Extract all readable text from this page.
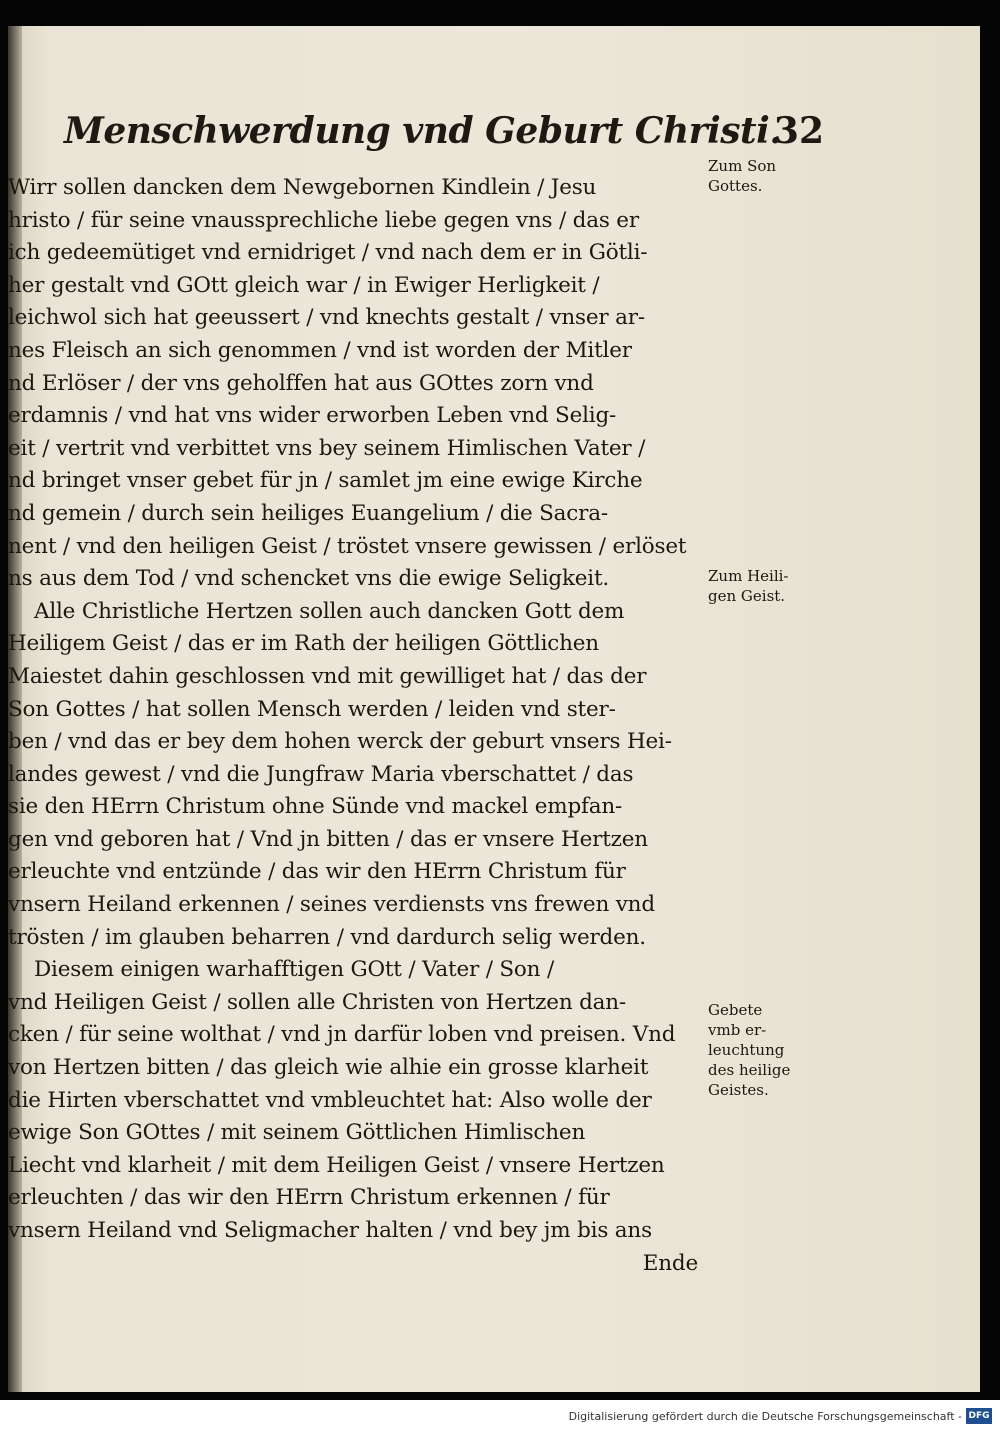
Menschwerdung vnd Geburt Christi.
32
Wirr sollen dancken dem Newgebornen Kindlein / Jesu
hristo / für seine vnaussprechliche liebe gegen vns / das er
ich gedeemütiget vnd ernidriget / vnd nach dem er in Götli-
her gestalt vnd GOtt gleich war / in Ewiger Herligkeit /
leichwol sich hat geeussert / vnd knechts gestalt / vnser ar-
nes Fleisch an sich genommen / vnd ist worden der Mitler
nd Erlöser / der vns geholffen hat aus GOttes zorn vnd
erdamnis / vnd hat vns wider erworben Leben vnd Selig-
eit / vertrit vnd verbittet vns bey seinem Himlischen Vater /
nd bringet vnser gebet für jn / samlet jm eine ewige Kirche
nd gemein / durch sein heiliges Euangelium / die Sacra-
nent / vnd den heiligen Geist / tröstet vnsere gewissen / erlöset
ns aus dem Tod / vnd schencket vns die ewige Seligkeit.
Alle Christliche Hertzen sollen auch dancken Gott dem
Heiligem Geist / das er im Rath der heiligen Göttlichen
Maiestet dahin geschlossen vnd mit gewilliget hat / das der
Son Gottes / hat sollen Mensch werden / leiden vnd ster-
ben / vnd das er bey dem hohen werck der geburt vnsers Hei-
landes gewest / vnd die Jungfraw Maria vberschattet / das
sie den HErrn Christum ohne Sünde vnd mackel empfan-
gen vnd geboren hat / Vnd jn bitten / das er vnsere Hertzen
erleuchte vnd entzünde / das wir den HErrn Christum für
vnsern Heiland erkennen / seines verdiensts vns frewen vnd
trösten / im glauben beharren / vnd dardurch selig werden.
Diesem einigen warhafftigen GOtt / Vater / Son /
vnd Heiligen Geist / sollen alle Christen von Hertzen dan-
cken / für seine wolthat / vnd jn darfür loben vnd preisen. Vnd
von Hertzen bitten / das gleich wie alhie ein grosse klarheit
die Hirten vberschattet vnd vmbleuchtet hat: Also wolle der
ewige Son GOttes / mit seinem Göttlichen Himlischen
Liecht vnd klarheit / mit dem Heiligen Geist / vnsere Hertzen
erleuchten / das wir den HErrn Christum erkennen / für
vnsern Heiland vnd Seligmacher halten / vnd bey jm bis ans
Ende
Zum Son
Gottes.
Zum Heili-
gen Geist.
Gebete
vmb er-
leuchtung
des heilige
Geistes.
Digitalisierung gefördert durch die Deutsche Forschungsgemeinschaft - DFG
